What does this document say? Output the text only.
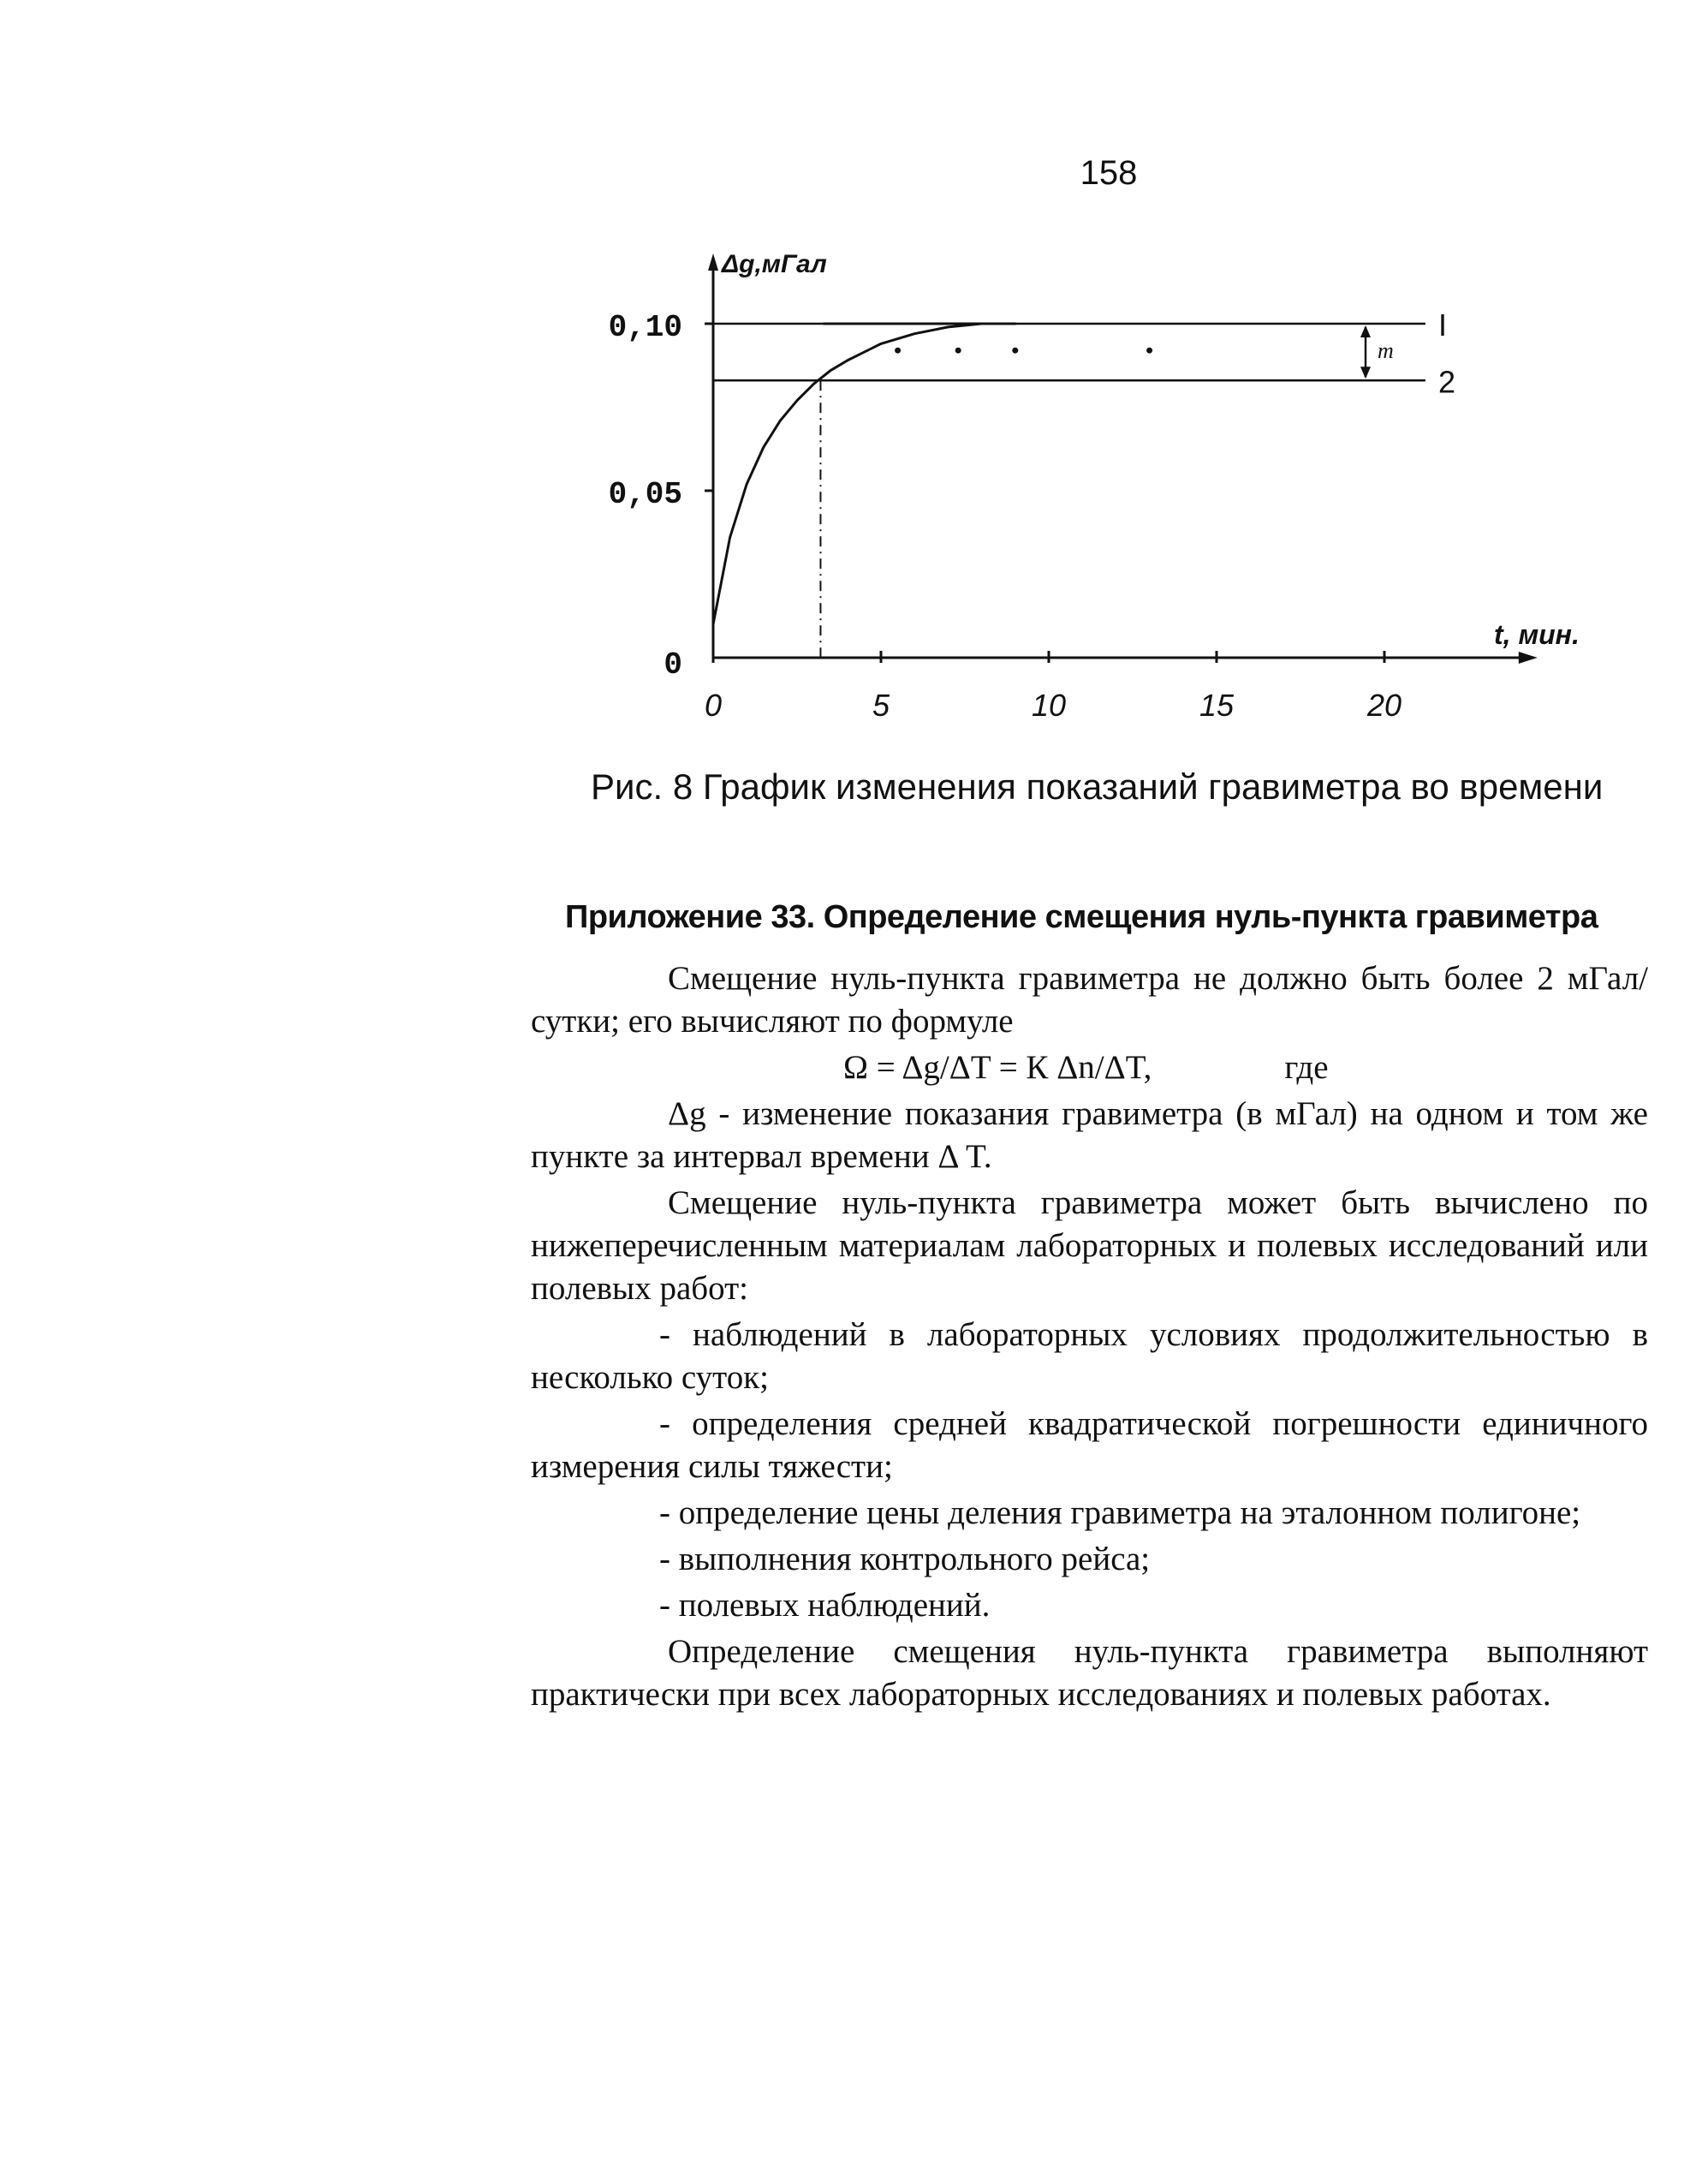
158
0	5	10	15	20
0
0,05
0,10	I
2
m
Δg,мГал
t, мин.
Рис. 8 График изменения показаний гравиметра во времени
Приложение 33. Определение смещения нуль-пункта гравиметра

Смещение нуль-пункта гравиметра не должно быть более 2 мГал/сутки; его вычисляют по формуле

Ω = Δg/ΔT = К Δn/ΔT,	где

Δg - изменение показания гравиметра (в мГал) на одном и том же пункте за интервал времени Δ T.

Смещение нуль-пункта гравиметра может быть вычислено по нижеперечисленным материалам лабораторных и полевых исследований или полевых работ:

- наблюдений в лабораторных условиях продолжительностью в несколько суток;

- определения средней квадратической погрешности единичного измерения силы тяжести;

- определение цены деления гравиметра на эталонном полигоне;

- выполнения контрольного рейса;

- полевых наблюдений.

Определение смещения нуль-пункта гравиметра выполняют практически при всех лабораторных исследованиях и полевых работах.
